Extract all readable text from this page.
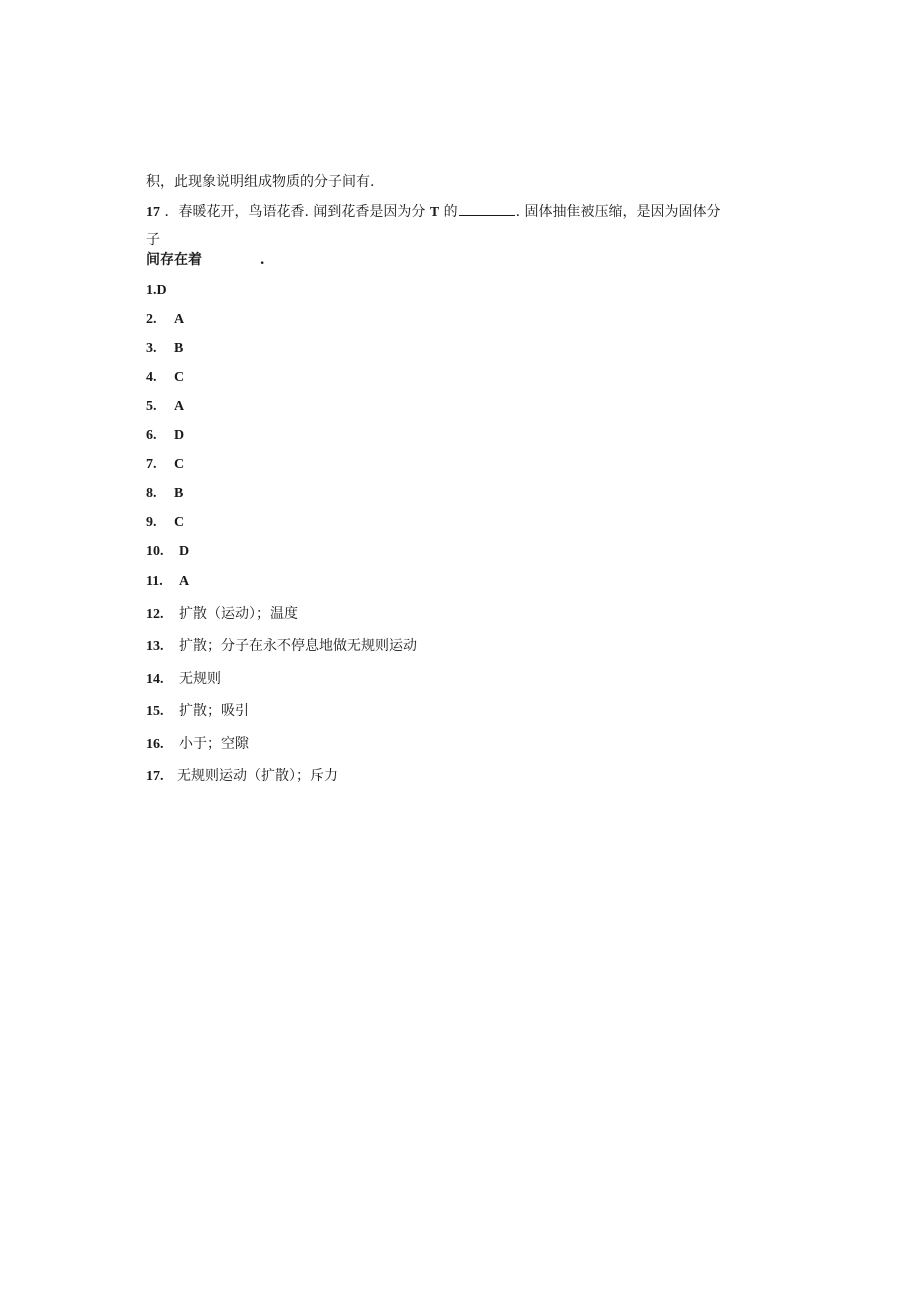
积，此现象说明组成物质的分子间有.
17 ．春暖花开，鸟语花香. 闻到花香是因为分 T 的	. 固体抽隹被压缩，是因为固体分
子
间存在着	.
1.D
2. A
3. B
4. C
5. A
6. D
7. C
8. B
9. C
10. D
11. A
12. 扩散（运动）；温度
13. 扩散；分子在永不停息地做无规则运动
14. 无规则
15. 扩散；吸引
16. 小于；空隙
17. 无规则运动（扩散）；斥力
